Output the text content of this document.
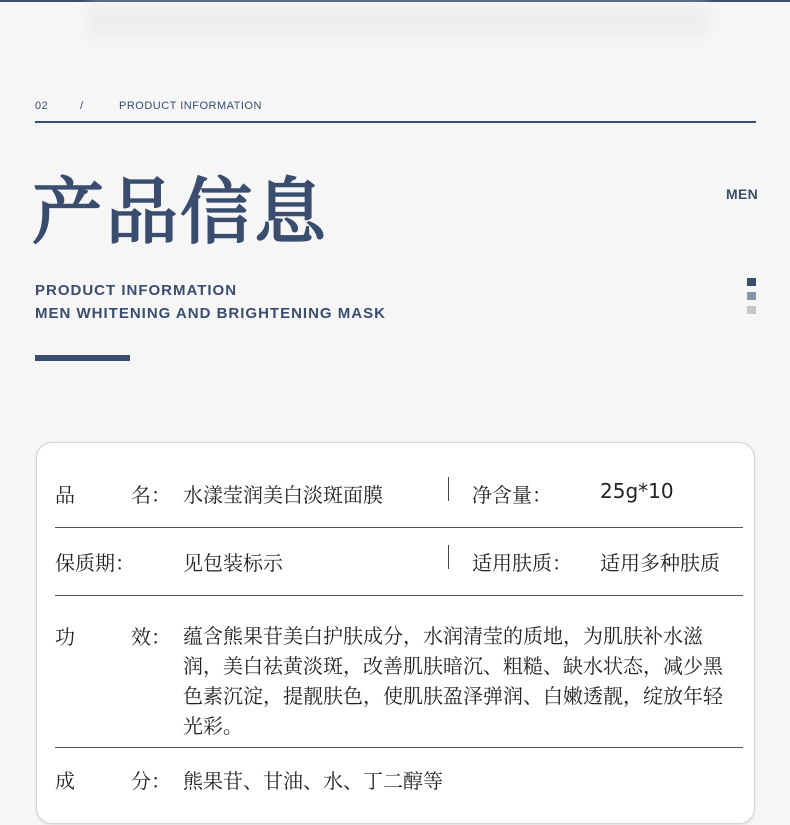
02	/	PRODUCT INFORMATION
产品信息	MEN
PRODUCT INFORMATION
MEN WHITENING AND BRIGHTENING MASK
品	名： 水漾莹润美白淡斑面膜	净含量： 25g*10
保质期： 见包装标示	适用肤质： 适用多种肤质
功	效： 蕴含熊果苷美白护肤成分，水润清莹的质地，为肌肤补水滋润，美白祛黄淡斑，改善肌肤暗沉、粗糙、缺水状态，减少黑色素沉淀，提靓肤色，使肌肤盈泽弹润、白嫩透靓，绽放年轻光彩。
成	分： 熊果苷、甘油、水、丁二醇等
